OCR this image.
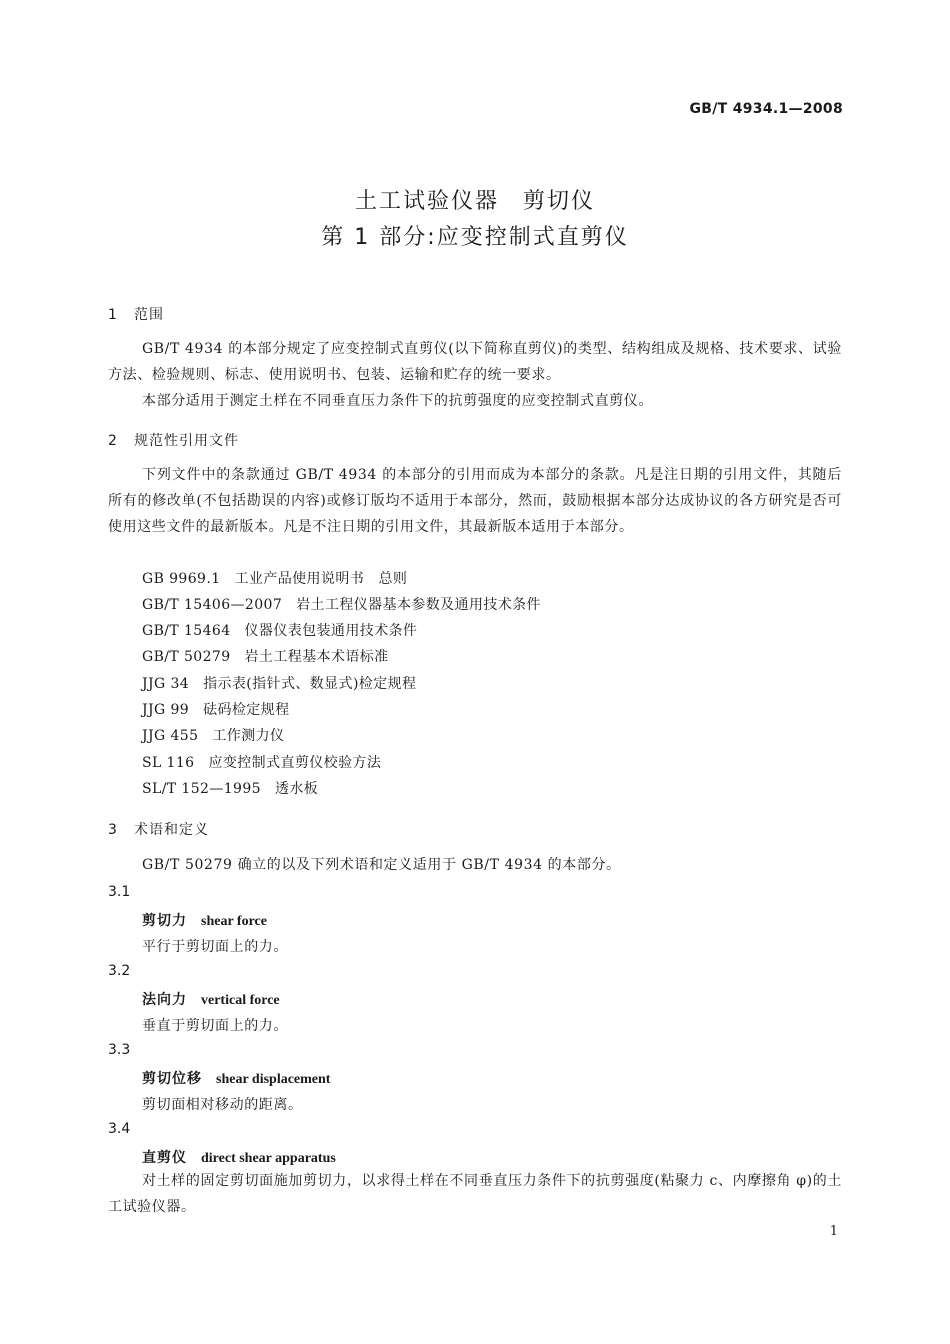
GB/T 4934.1—2008
土工试验仪器　剪切仪
第 1 部分:应变控制式直剪仪
1 范围

GB/T 4934 的本部分规定了应变控制式直剪仪(以下简称直剪仪)的类型、结构组成及规格、技术要求、试验方法、检验规则、标志、使用说明书、包装、运输和贮存的统一要求。

本部分适用于测定土样在不同垂直压力条件下的抗剪强度的应变控制式直剪仪。

2 规范性引用文件

下列文件中的条款通过 GB/T 4934 的本部分的引用而成为本部分的条款。凡是注日期的引用文件，其随后所有的修改单(不包括勘误的内容)或修订版均不适用于本部分，然而，鼓励根据本部分达成协议的各方研究是否可使用这些文件的最新版本。凡是不注日期的引用文件，其最新版本适用于本部分。

GB 9969.1 工业产品使用说明书　总则
GB/T 15406—2007 岩土工程仪器基本参数及通用技术条件
GB/T 15464 仪器仪表包装通用技术条件
GB/T 50279 岩土工程基本术语标准
JJG 34 指示表(指针式、数显式)检定规程
JJG 99 砝码检定规程
JJG 455 工作测力仪
SL 116 应变控制式直剪仪校验方法
SL/T 152—1995 透水板
3 术语和定义

GB/T 50279 确立的以及下列术语和定义适用于 GB/T 4934 的本部分。

3.1
剪切力 shear force
平行于剪切面上的力。
3.2
法向力 vertical force
垂直于剪切面上的力。
3.3
剪切位移 shear displacement
剪切面相对移动的距离。
3.4
直剪仪 direct shear apparatus

对土样的固定剪切面施加剪切力，以求得土样在不同垂直压力条件下的抗剪强度(粘聚力 c、内摩擦角 φ)的土工试验仪器。

1
